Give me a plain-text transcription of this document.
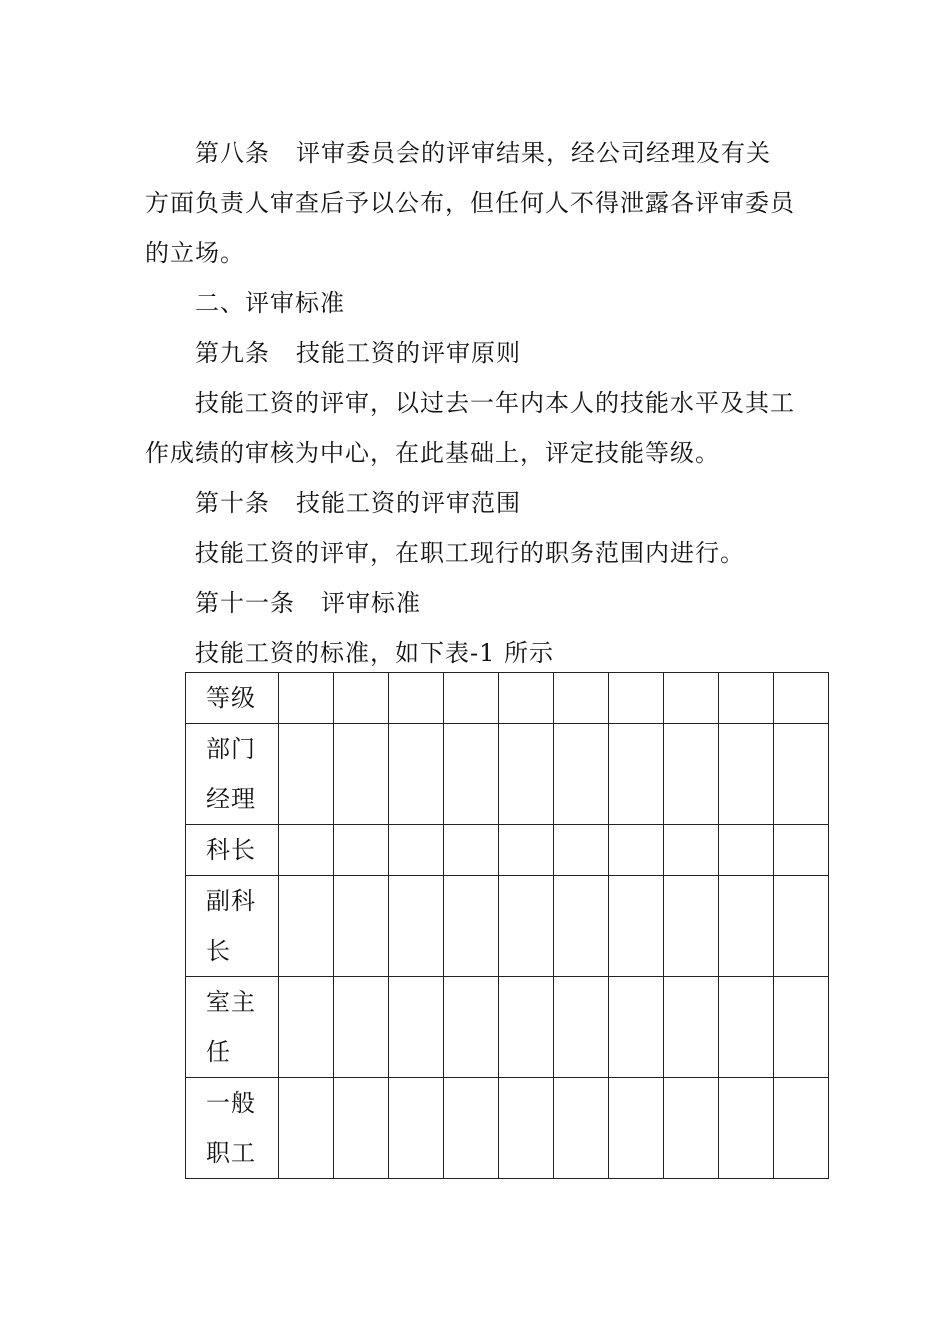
第八条 评审委员会的评审结果，经公司经理及有关方面负责人审查后予以公布，但任何人不得泄露各评审委员的立场。

二、评审标准

第九条 技能工资的评审原则

技能工资的评审，以过去一年内本人的技能水平及其工作成绩的审核为中心，在此基础上，评定技能等级。

第十条 技能工资的评审范围

技能工资的评审，在职工现行的职务范围内进行。

第十一条 评审标准

技能工资的标准，如下表-1 所示

等级										
部门经理										
科长										
副科长										
室主任										
一般职工										
